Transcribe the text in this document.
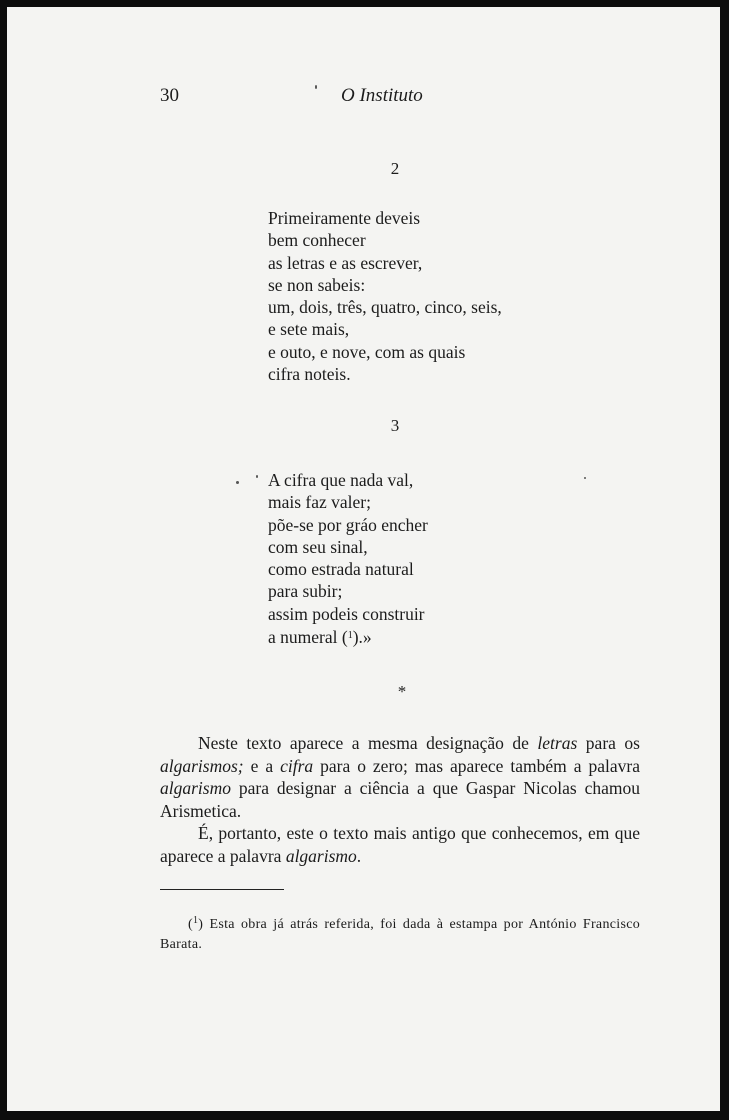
30	O Instituto
2
Primeiramente deveis
bem conhecer
as letras e as escrever,
se non sabeis:
um, dois, três, quatro, cinco, seis,
e sete mais,
e outo, e nove, com as quais
cifra noteis.
3
A cifra que nada val,
mais faz valer;
põe-se por gráo encher
com seu sinal,
como estrada natural
para subir;
assim podeis construir
a numeral ($^1$).»
*

Neste texto aparece a mesma designação de letras para os algarismos; e a cifra para o zero; mas aparece também a palavra algarismo para designar a ciência a que Gaspar Nicolas chamou Arismetica.

É, portanto, este o texto mais antigo que conhecemos, em que aparece a palavra algarismo.

($^1$) Esta obra já atrás referida, foi dada à estampa por António Francisco Barata.
